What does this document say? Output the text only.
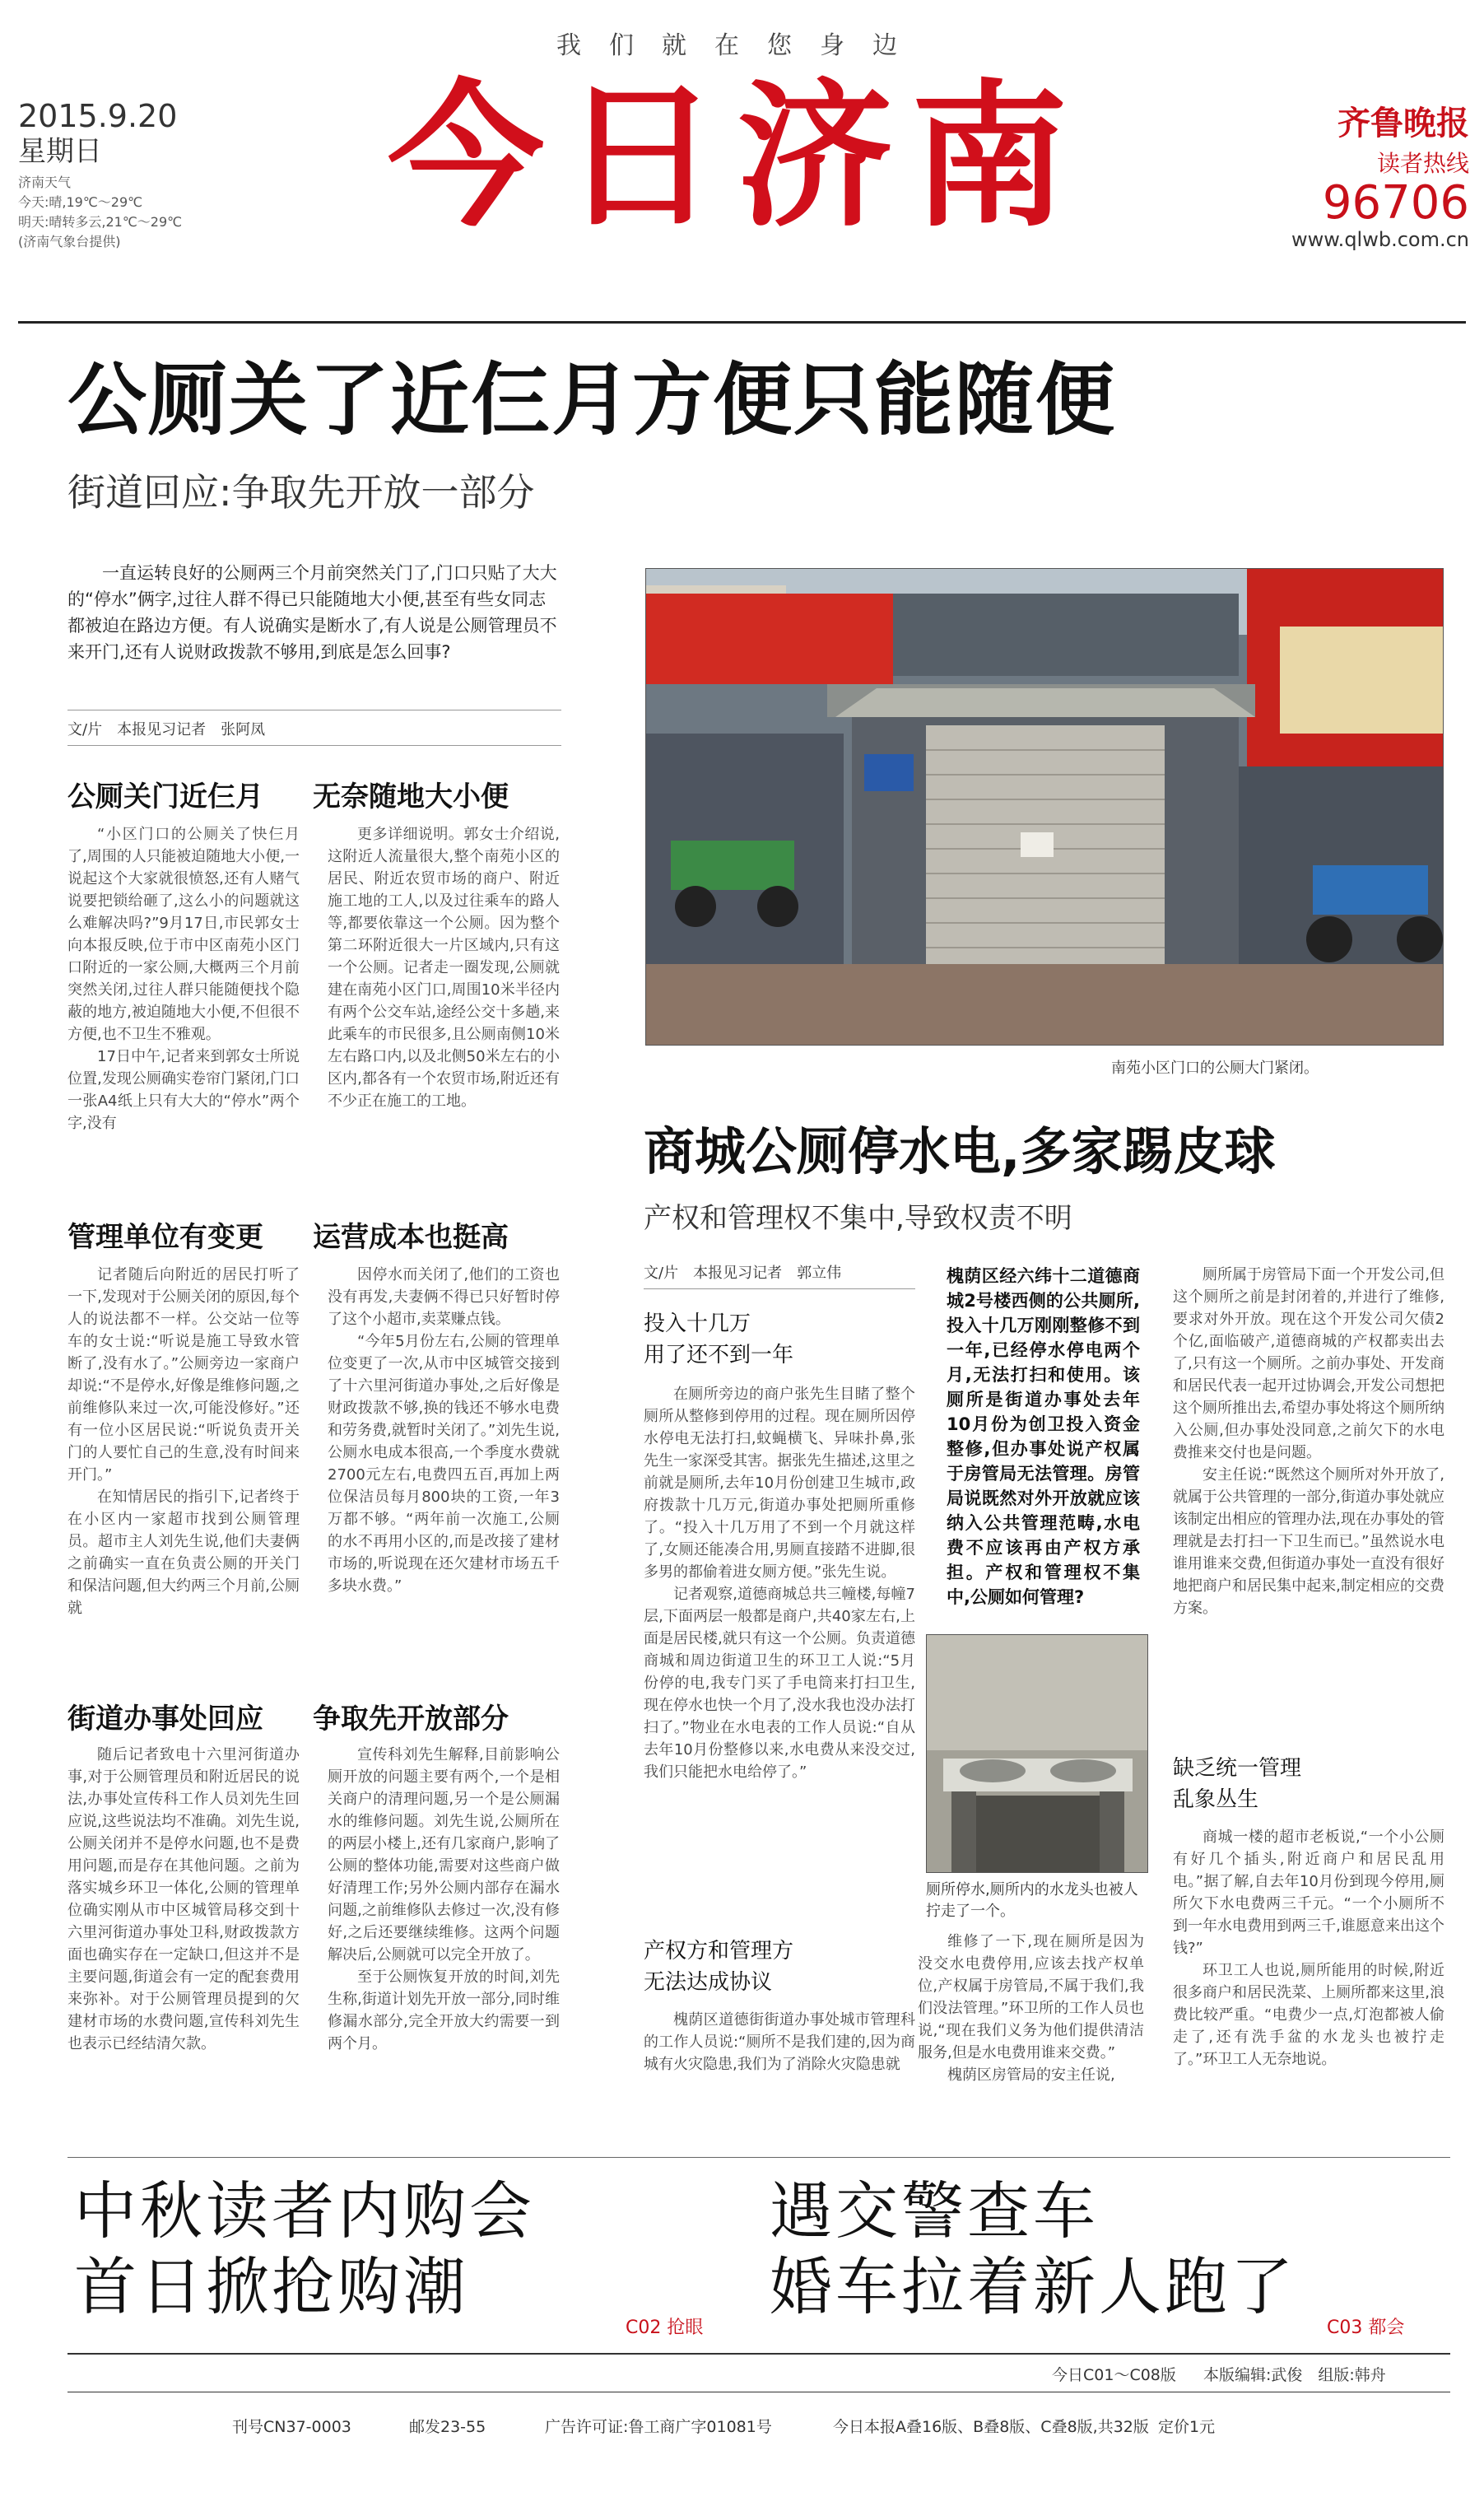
我们就在您身边
2015.9.20
星期日
济南天气
今天:晴,19℃～29℃
明天:晴转多云,21℃～29℃
(济南气象台提供)	今日济南	齐鲁晚报
读者热线
96706
www.qlwb.com.cn
公厕关了近仨月方便只能随便
街道回应:争取先开放一部分
一直运转良好的公厕两三个月前突然关门了,门口只贴了大大的“停水”俩字,过往人群不得已只能随地大小便,甚至有些女同志都被迫在路边方便。有人说确实是断水了,有人说是公厕管理员不来开门,还有人说财政拨款不够用,到底是怎么回事?
文/片　本报见习记者　张阿凤
公厕关门近仨月 无奈随地大小便
“小区门口的公厕关了快仨月了,周围的人只能被迫随地大小便,一说起这个大家就很愤怒,还有人赌气说要把锁给砸了,这么小的问题就这么难解决吗?”9月17日,市民郭女士向本报反映,位于市中区南苑小区门口附近的一家公厕,大概两三个月前突然关闭,过往人群只能随便找个隐蔽的地方,被迫随地大小便,不但很不方便,也不卫生不雅观。
17日中午,记者来到郭女士所说位置,发现公厕确实卷帘门紧闭,门口一张A4纸上只有大大的“停水”两个字,没有
更多详细说明。郭女士介绍说,这附近人流量很大,整个南苑小区的居民、附近农贸市场的商户、附近施工地的工人,以及过往乘车的路人等,都要依靠这一个公厕。因为整个第二环附近很大一片区域内,只有这一个公厕。记者走一圈发现,公厕就建在南苑小区门口,周围10米半径内有两个公交车站,途经公交十多趟,来此乘车的市民很多,且公厕南侧10米左右路口内,以及北侧50米左右的小区内,都各有一个农贸市场,附近还有不少正在施工的工地。
管理单位有变更 运营成本也挺高
记者随后向附近的居民打听了一下,发现对于公厕关闭的原因,每个人的说法都不一样。公交站一位等车的女士说:“听说是施工导致水管断了,没有水了。”公厕旁边一家商户却说:“不是停水,好像是维修问题,之前维修队来过一次,可能没修好。”还有一位小区居民说:“听说负责开关门的人要忙自己的生意,没有时间来开门。”
在知情居民的指引下,记者终于在小区内一家超市找到公厕管理员。超市主人刘先生说,他们夫妻俩之前确实一直在负责公厕的开关门和保洁问题,但大约两三个月前,公厕就
因停水而关闭了,他们的工资也没有再发,夫妻俩不得已只好暂时停了这个小超市,卖菜赚点钱。
“今年5月份左右,公厕的管理单位变更了一次,从市中区城管交接到了十六里河街道办事处,之后好像是财政拨款不够,换的钱还不够水电费和劳务费,就暂时关闭了。”刘先生说,公厕水电成本很高,一个季度水费就2700元左右,电费四五百,再加上两位保洁员每月800块的工资,一年3万都不够。“两年前一次施工,公厕的水不再用小区的,而是改接了建材市场的,听说现在还欠建材市场五千多块水费。”
街道办事处回应 争取先开放部分
随后记者致电十六里河街道办事,对于公厕管理员和附近居民的说法,办事处宣传科工作人员刘先生回应说,这些说法均不准确。刘先生说,公厕关闭并不是停水问题,也不是费用问题,而是存在其他问题。之前为落实城乡环卫一体化,公厕的管理单位确实刚从市中区城管局移交到十六里河街道办事处卫科,财政拨款方面也确实存在一定缺口,但这并不是主要问题,街道会有一定的配套费用来弥补。对于公厕管理员提到的欠建材市场的水费问题,宣传科刘先生也表示已经结清欠款。
宣传科刘先生解释,目前影响公厕开放的问题主要有两个,一个是相关商户的清理问题,另一个是公厕漏水的维修问题。刘先生说,公厕所在的两层小楼上,还有几家商户,影响了公厕的整体功能,需要对这些商户做好清理工作;另外公厕内部存在漏水问题,之前维修队去修过一次,没有修好,之后还要继续维修。这两个问题解决后,公厕就可以完全开放了。
至于公厕恢复开放的时间,刘先生称,街道计划先开放一部分,同时维修漏水部分,完全开放大约需要一到两个月。
南苑小区门口的公厕大门紧闭。
商城公厕停水电,多家踢皮球
产权和管理权不集中,导致权责不明
文/片　本报见习记者　郭立伟
投入十几万
用了还不到一年
在厕所旁边的商户张先生目睹了整个厕所从整修到停用的过程。现在厕所因停水停电无法打扫,蚊蝇横飞、异味扑鼻,张先生一家深受其害。据张先生描述,这里之前就是厕所,去年10月份创建卫生城市,政府拨款十几万元,街道办事处把厕所重修了。“投入十几万用了不到一个月就这样了,女厕还能凑合用,男厕直接踏不进脚,很多男的都偷着进女厕方便。”张先生说。
记者观察,道德商城总共三幢楼,每幢7层,下面两层一般都是商户,共40家左右,上面是居民楼,就只有这一个公厕。负责道德商城和周边街道卫生的环卫工人说:“5月份停的电,我专门买了手电筒来打扫卫生,现在停水也快一个月了,没水我也没办法打扫了。”物业在水电表的工作人员说:“自从去年10月份整修以来,水电费从来没交过,我们只能把水电给停了。”
产权方和管理方
无法达成协议
槐荫区道德街街道办事处城市管理科的工作人员说:“厕所不是我们建的,因为商城有火灾隐患,我们为了消除火灾隐患就
槐荫区经六纬十二道德商城2号楼西侧的公共厕所,投入十几万刚刚整修不到一年,已经停水停电两个月,无法打扫和使用。该厕所是街道办事处去年10月份为创卫投入资金整修,但办事处说产权属于房管局无法管理。房管局说既然对外开放就应该纳入公共管理范畴,水电费不应该再由产权方承担。产权和管理权不集中,公厕如何管理?
厕所停水,厕所内的水龙头也被人拧走了一个。
维修了一下,现在厕所是因为没交水电费停用,应该去找产权单位,产权属于房管局,不属于我们,我们没法管理。”环卫所的工作人员也说,“现在我们义务为他们提供清洁服务,但是水电费用谁来交费。”
槐荫区房管局的安主任说,
厕所属于房管局下面一个开发公司,但这个厕所之前是封闭着的,并进行了维修,要求对外开放。现在这个开发公司欠债2个亿,面临破产,道德商城的产权都卖出去了,只有这一个厕所。之前办事处、开发商和居民代表一起开过协调会,开发公司想把这个厕所推出去,希望办事处将这个厕所纳入公厕,但办事处没同意,之前欠下的水电费推来交付也是问题。
安主任说:“既然这个厕所对外开放了,就属于公共管理的一部分,街道办事处就应该制定出相应的管理办法,现在办事处的管理就是去打扫一下卫生而已。”虽然说水电谁用谁来交费,但街道办事处一直没有很好地把商户和居民集中起来,制定相应的交费方案。
缺乏统一管理
乱象丛生
商城一楼的超市老板说,“一个小公厕有好几个插头,附近商户和居民乱用电。”据了解,自去年10月份到现今停用,厕所欠下水电费两三千元。“一个小厕所不到一年水电费用到两三千,谁愿意来出这个钱?”
环卫工人也说,厕所能用的时候,附近很多商户和居民洗菜、上厕所都来这里,浪费比较严重。“电费少一点,灯泡都被人偷走了,还有洗手盆的水龙头也被拧走了。”环卫工人无奈地说。
中秋读者内购会
首日掀抢购潮
C02 抢眼
遇交警查车
婚车拉着新人跑了
C03 都会
今日C01～C08版 本版编辑:武俊　组版:韩舟
刊号CN37-0003	邮发23-55	广告许可证:鲁工商广字01081号	今日本报A叠16版、B叠8版、C叠8版,共32版 定价1元
